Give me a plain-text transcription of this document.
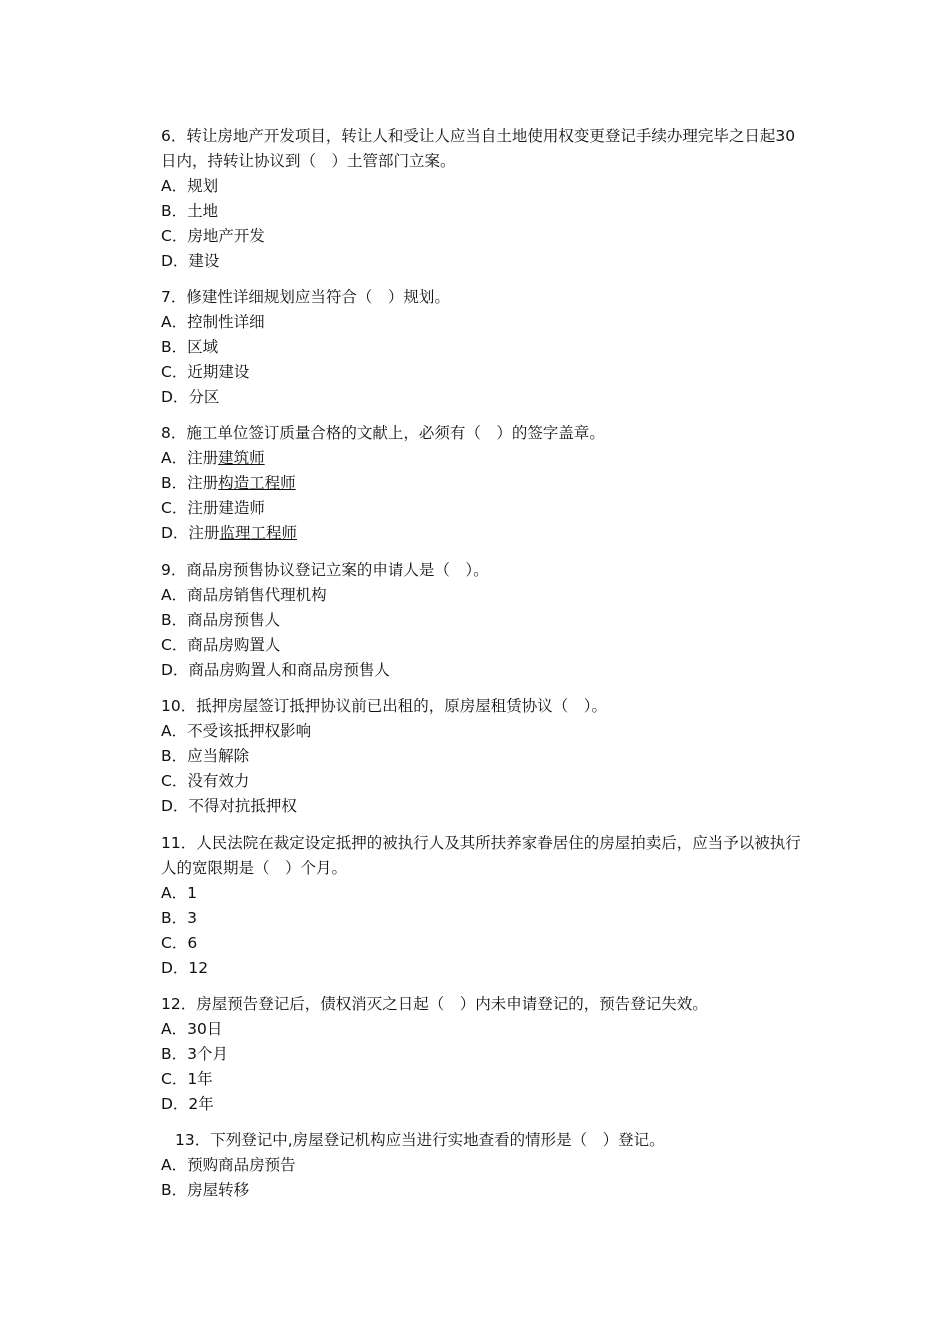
6．转让房地产开发项目，转让人和受让人应当自土地使用权变更登记手续办理完毕之日起30日内，持转让协议到（　）土管部门立案。
A．规划
B．土地
C．房地产开发
D．建设
7．修建性详细规划应当符合（　）规划。
A．控制性详细
B．区域
C．近期建设
D．分区
8．施工单位签订质量合格的文献上，必须有（　）的签字盖章。
A．注册建筑师
B．注册构造工程师
C．注册建造师
D．注册监理工程师
9．商品房预售协议登记立案的申请人是（　）。
A．商品房销售代理机构
B．商品房预售人
C．商品房购置人
D．商品房购置人和商品房预售人
10．抵押房屋签订抵押协议前已出租的，原房屋租赁协议（　）。
A．不受该抵押权影响
B．应当解除
C．没有效力
D．不得对抗抵押权
11．人民法院在裁定设定抵押的被执行人及其所扶养家眷居住的房屋拍卖后，应当予以被执行人的宽限期是（　）个月。
A．1
B．3
C．6
D．12
12．房屋预告登记后，债权消灭之日起（　）内未申请登记的，预告登记失效。
A．30日
B．3个月
C．1年
D．2年
13．下列登记中,房屋登记机构应当进行实地查看的情形是（　）登记。
A．预购商品房预告
B．房屋转移
